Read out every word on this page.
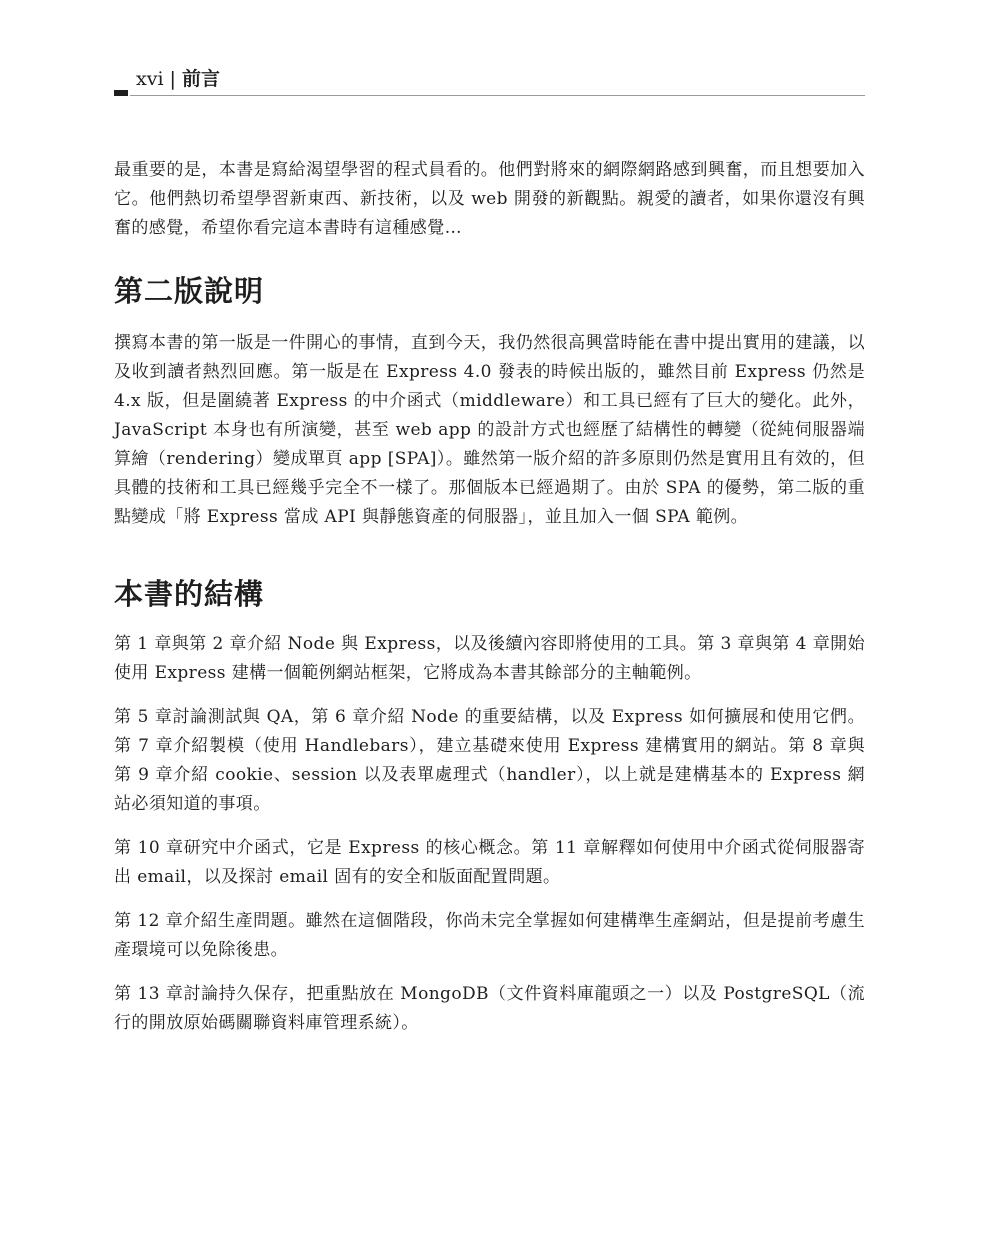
xvi | 前言

最重要的是，本書是寫給渴望學習的程式員看的。他們對將來的網際網路感到興奮，而且想要加入它。他們熱切希望學習新東西、新技術，以及 web 開發的新觀點。親愛的讀者，如果你還沒有興奮的感覺，希望你看完這本書時有這種感覺…

第二版說明

撰寫本書的第一版是一件開心的事情，直到今天，我仍然很高興當時能在書中提出實用的建議，以及收到讀者熱烈回應。第一版是在 Express 4.0 發表的時候出版的，雖然目前 Express 仍然是 4.x 版，但是圍繞著 Express 的中介函式（middleware）和工具已經有了巨大的變化。此外，JavaScript 本身也有所演變，甚至 web app 的設計方式也經歷了結構性的轉變（從純伺服器端算繪（rendering）變成單頁 app [SPA]）。雖然第一版介紹的許多原則仍然是實用且有效的，但具體的技術和工具已經幾乎完全不一樣了。那個版本已經過期了。由於 SPA 的優勢，第二版的重點變成「將 Express 當成 API 與靜態資產的伺服器」，並且加入一個 SPA 範例。

本書的結構

第 1 章與第 2 章介紹 Node 與 Express，以及後續內容即將使用的工具。第 3 章與第 4 章開始使用 Express 建構一個範例網站框架，它將成為本書其餘部分的主軸範例。

第 5 章討論測試與 QA，第 6 章介紹 Node 的重要結構，以及 Express 如何擴展和使用它們。第 7 章介紹製模（使用 Handlebars），建立基礎來使用 Express 建構實用的網站。第 8 章與第 9 章介紹 cookie、session 以及表單處理式（handler），以上就是建構基本的 Express 網站必須知道的事項。

第 10 章研究中介函式，它是 Express 的核心概念。第 11 章解釋如何使用中介函式從伺服器寄出 email，以及探討 email 固有的安全和版面配置問題。

第 12 章介紹生產問題。雖然在這個階段，你尚未完全掌握如何建構準生產網站，但是提前考慮生產環境可以免除後患。

第 13 章討論持久保存，把重點放在 MongoDB（文件資料庫龍頭之一）以及 PostgreSQL（流行的開放原始碼關聯資料庫管理系統）。
